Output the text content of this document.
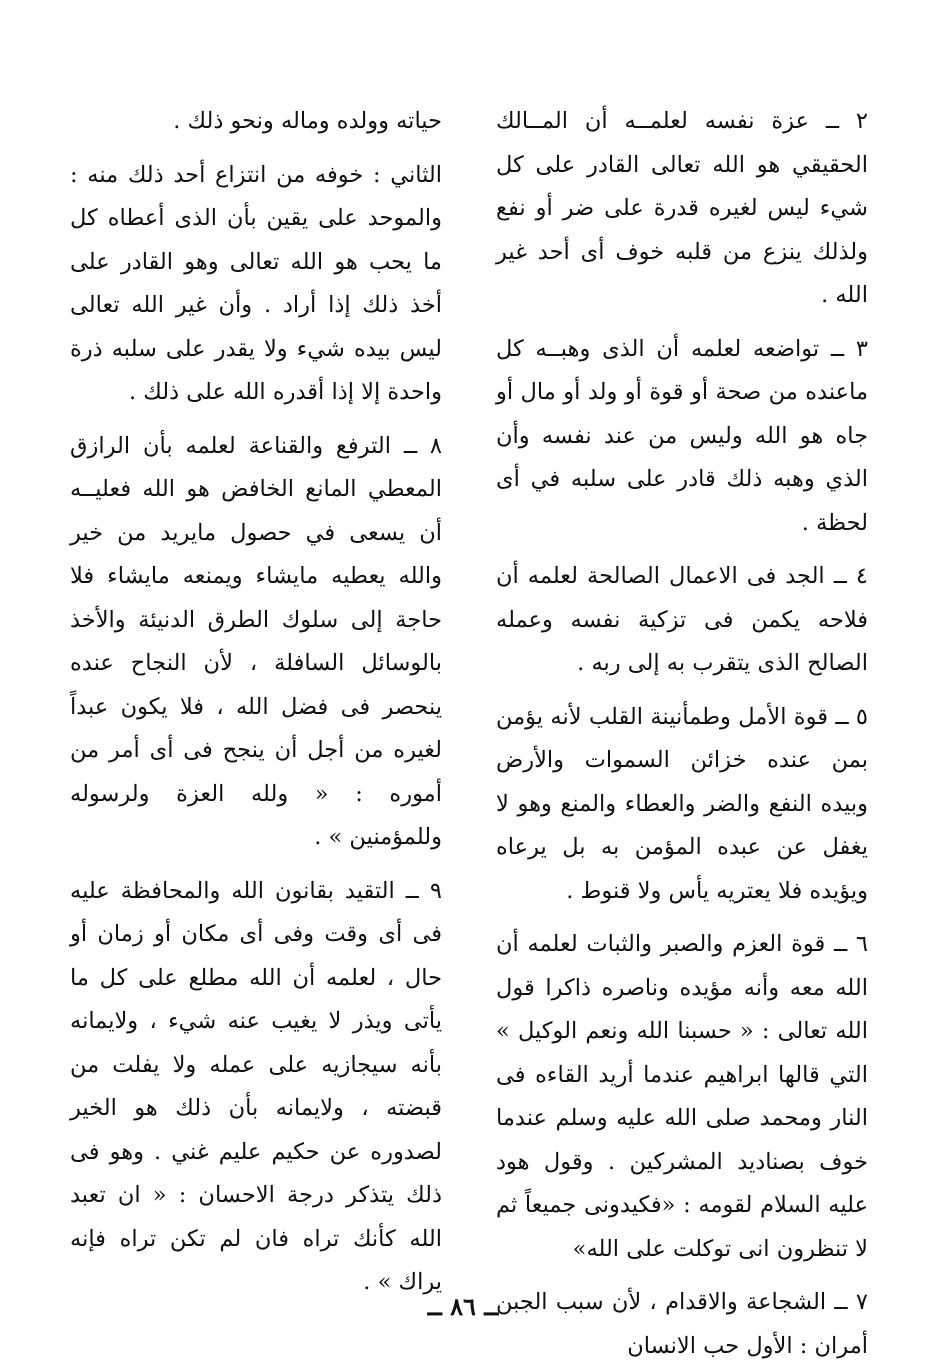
٢ ــ عزة نفسه لعلمــه أن المــالك الحقيقي هو الله تعالى القادر على كل شيء ليس لغيره قدرة على ضر أو نفع ولذلك ينزع من قلبه خوف أى أحد غير الله .

٣ ــ تواضعه لعلمه أن الذى وهبــه كل ماعنده من صحة أو قوة أو ولد أو مال أو جاه هو الله وليس من عند نفسه وأن الذي وهبه ذلك قادر على سلبه في أى لحظة .

٤ ــ الجد فى الاعمال الصالحة لعلمه أن فلاحه يكمن فى تزكية نفسه وعمله الصالح الذى يتقرب به إلى ربه .

٥ ــ قوة الأمل وطمأنينة القلب لأنه يؤمن بمن عنده خزائن السموات والأرض وبيده النفع والضر والعطاء والمنع وهو لا يغفل عن عبده المؤمن به بل يرعاه ويؤيده فلا يعتريه يأس ولا قنوط .

٦ ــ قوة العزم والصبر والثبات لعلمه أن الله معه وأنه مؤيده وناصره ذاكرا قول الله تعالى : « حسبنا الله ونعم الوكيل » التي قالها ابراهيم عندما أريد القاءه فى النار ومحمد صلى الله عليه وسلم عندما خوف بصناديد المشركين . وقول هود عليه السلام لقومه : «فكيدونى جميعاً ثم لا تنظرون انى توكلت على الله»

٧ ــ الشجاعة والاقدام ، لأن سبب الجبن أمران : الأول حب الانسان

حياته وولده وماله ونحو ذلك .

الثاني : خوفه من انتزاع أحد ذلك منه : والموحد على يقين بأن الذى أعطاه كل ما يحب هو الله تعالى وهو القادر على أخذ ذلك إذا أراد . وأن غير الله تعالى ليس بيده شيء ولا يقدر على سلبه ذرة واحدة إلا إذا أقدره الله على ذلك .

٨ ــ الترفع والقناعة لعلمه بأن الرازق المعطي المانع الخافض هو الله فعليــه أن يسعى في حصول مايريد من خير والله يعطيه مايشاء ويمنعه مايشاء فلا حاجة إلى سلوك الطرق الدنيئة والأخذ بالوسائل السافلة ، لأن النجاح عنده ينحصر فى فضل الله ، فلا يكون عبداً لغيره من أجل أن ينجح فى أى أمر من أموره : « ولله العزة ولرسوله وللمؤمنين » .

٩ ــ التقيد بقانون الله والمحافظة عليه فى أى وقت وفى أى مكان أو زمان أو حال ، لعلمه أن الله مطلع على كل ما يأتى ويذر لا يغيب عنه شيء ، ولايمانه بأنه سيجازيه على عمله ولا يفلت من قبضته ، ولايمانه بأن ذلك هو الخير لصدوره عن حكيم عليم غني . وهو فى ذلك يتذكر درجة الاحسان : « ان تعبد الله كأنك تراه فان لم تكن تراه فإنه يراك » .

ــ ٨٦ ــ
